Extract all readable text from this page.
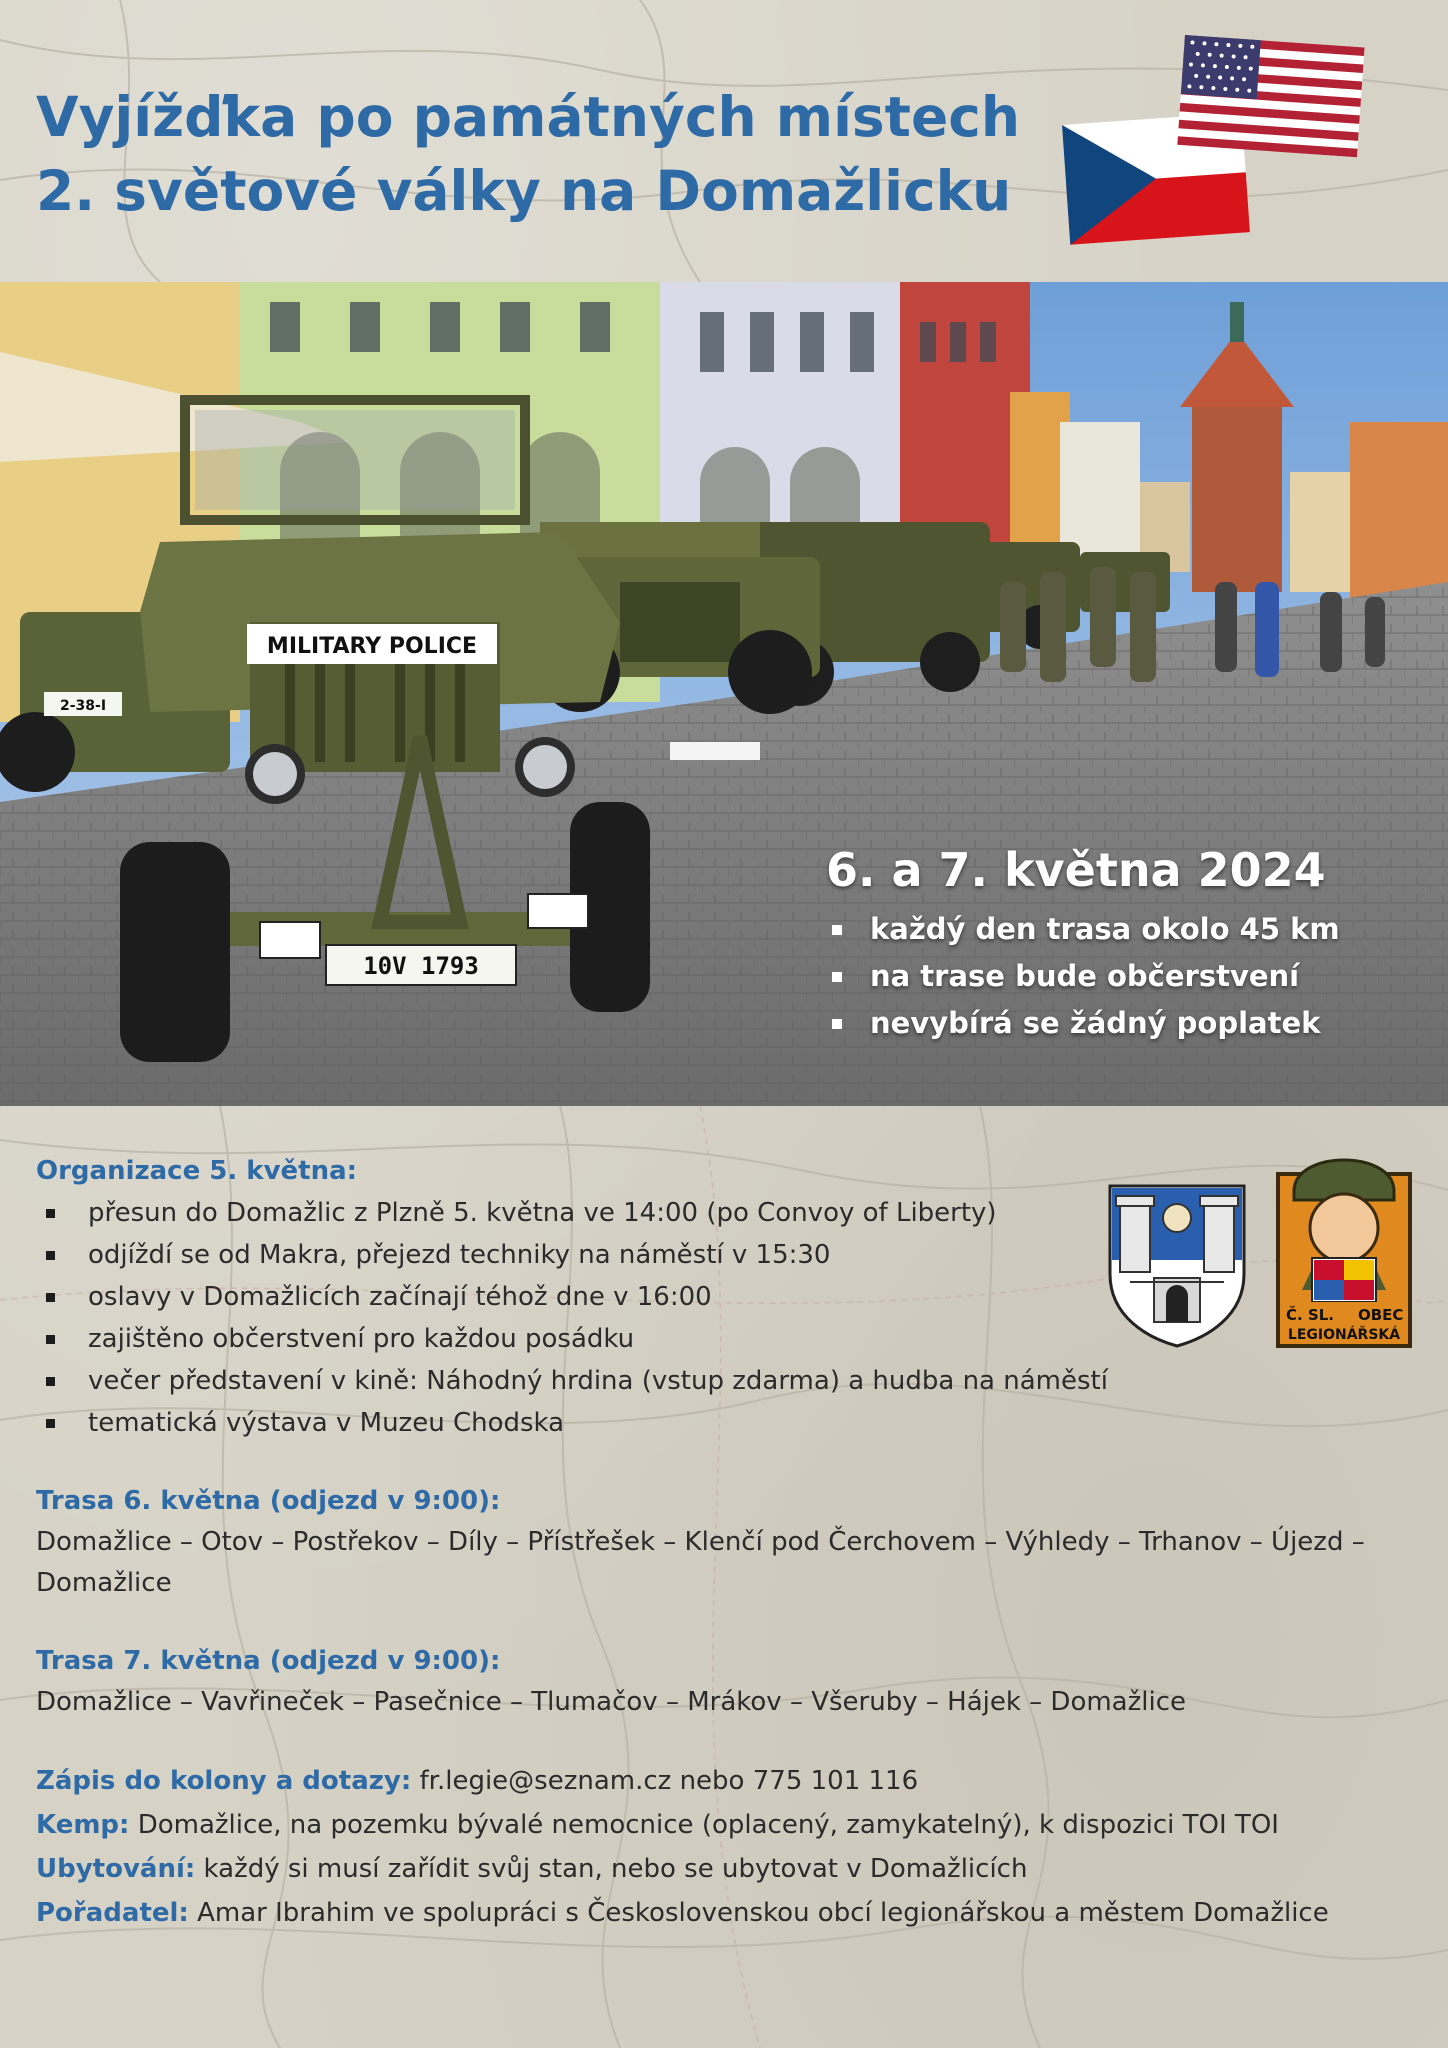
Vyjížďka po památných místech
2. světové války na Domažlicku
MILITARY POLICE
10V 1793
2-38-I
6. a 7. května 2024
každý den trasa okolo 45 km
na trase bude občerstvení
nevybírá se žádný poplatek
Organizace 5. května:
přesun do Domažlic z Plzně 5. května ve 14:00 (po Convoy of Liberty)
odjíždí se od Makra, přejezd techniky na náměstí v 15:30
oslavy v Domažlicích začínají téhož dne v 16:00
zajištěno občerstvení pro každou posádku
večer představení v kině: Náhodný hrdina (vstup zdarma) a hudba na náměstí
tematická výstava v Muzeu Chodska
Trasa 6. května (odjezd v 9:00):
Domažlice – Otov – Postřekov – Díly – Přístřešek – Klenčí pod Čerchovem – Výhledy – Trhanov – Újezd – Domažlice
Trasa 7. května (odjezd v 9:00):
Domažlice – Vavřineček – Pasečnice – Tlumačov – Mrákov – Všeruby – Hájek – Domažlice
Zápis do kolony a dotazy: fr.legie@seznam.cz nebo 775 101 116
Kemp: Domažlice, na pozemku bývalé nemocnice (oplacený, zamykatelný), k dispozici TOI TOI
Ubytování: každý si musí zařídit svůj stan, nebo se ubytovat v Domažlicích
Pořadatel: Amar Ibrahim ve spolupráci s Československou obcí legionářskou a městem Domažlice
Č. SL. OBEC
LEGIONÁŘSKÁ
